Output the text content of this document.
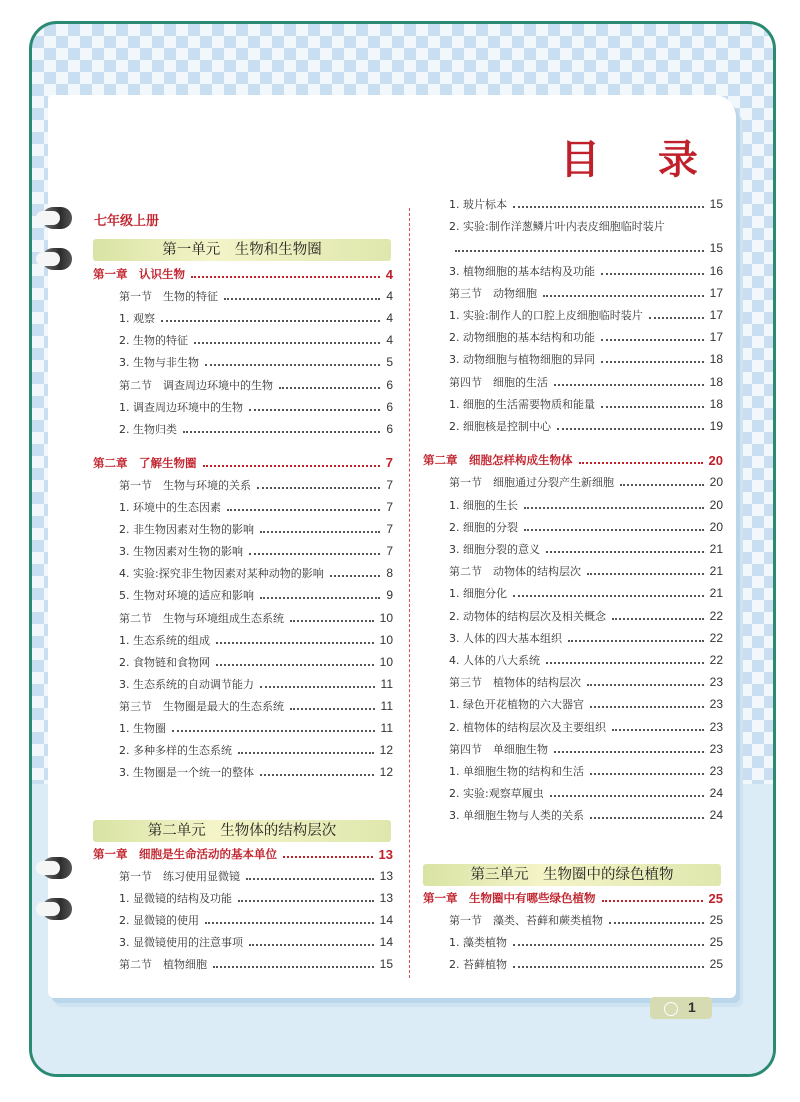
目 录
七年级上册
第一单元　生物和生物圈
第二单元　生物体的结构层次
第三单元　生物圈中的绿色植物
第一章　认识生物	4
第一节　生物的特征	4
1. 观察	4
2. 生物的特征	4
3. 生物与非生物	5
第二节　调查周边环境中的生物	6
1. 调查周边环境中的生物	6
2. 生物归类	6
第二章　了解生物圈	7
第一节　生物与环境的关系	7
1. 环境中的生态因素	7
2. 非生物因素对生物的影响	7
3. 生物因素对生物的影响	7
4. 实验:探究非生物因素对某种动物的影响	8
5. 生物对环境的适应和影响	9
第二节　生物与环境组成生态系统	10
1. 生态系统的组成	10
2. 食物链和食物网	10
3. 生态系统的自动调节能力	11
第三节　生物圈是最大的生态系统	11
1. 生物圈	11
2. 多种多样的生态系统	12
3. 生物圈是一个统一的整体	12
第一章　细胞是生命活动的基本单位	13
第一节　练习使用显微镜	13
1. 显微镜的结构及功能	13
2. 显微镜的使用	14
3. 显微镜使用的注意事项	14
第二节　植物细胞	15
1. 玻片标本	15
2. 实验:制作洋葱鳞片叶内表皮细胞临时装片
15
3. 植物细胞的基本结构及功能	16
第三节　动物细胞	17
1. 实验:制作人的口腔上皮细胞临时装片	17
2. 动物细胞的基本结构和功能	17
3. 动物细胞与植物细胞的异同	18
第四节　细胞的生活	18
1. 细胞的生活需要物质和能量	18
2. 细胞核是控制中心	19
第二章　细胞怎样构成生物体	20
第一节　细胞通过分裂产生新细胞	20
1. 细胞的生长	20
2. 细胞的分裂	20
3. 细胞分裂的意义	21
第二节　动物体的结构层次	21
1. 细胞分化	21
2. 动物体的结构层次及相关概念	22
3. 人体的四大基本组织	22
4. 人体的八大系统	22
第三节　植物体的结构层次	23
1. 绿色开花植物的六大器官	23
2. 植物体的结构层次及主要组织	23
第四节　单细胞生物	23
1. 单细胞生物的结构和生活	23
2. 实验:观察草履虫	24
3. 单细胞生物与人类的关系	24
第一章　生物圈中有哪些绿色植物	25
第一节　藻类、苔藓和蕨类植物	25
1. 藻类植物	25
2. 苔藓植物	25
1
